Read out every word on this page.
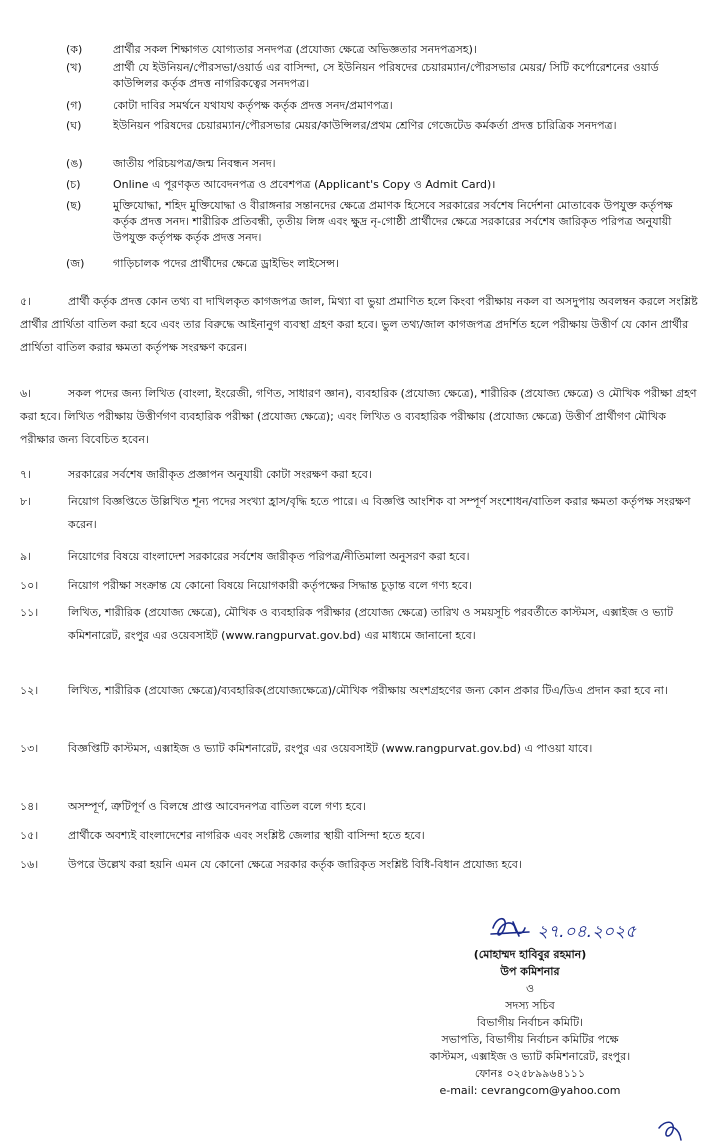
(ক)	প্রার্থীর সকল শিক্ষাগত যোগ্যতার সনদপত্র (প্রযোজ্য ক্ষেত্রে অভিজ্ঞতার সনদপত্রসহ)।
(খ)	প্রার্থী যে ইউনিয়ন/পৌরসভা/ওয়ার্ড এর বাসিন্দা, সে ইউনিয়ন পরিষদের চেয়ারম্যান/পৌরসভার মেয়র/ সিটি কর্পোরেশনের ওয়ার্ড কাউন্সিলর কর্তৃক প্রদত্ত নাগরিকত্বের সনদপত্র।
(গ)	কোটা দাবির সমর্থনে যথাযথ কর্তৃপক্ষ কর্তৃক প্রদত্ত সনদ/প্রমাণপত্র।
(ঘ)	ইউনিয়ন পরিষদের চেয়ারম্যান/পৌরসভার মেয়র/কাউন্সিলর/প্রথম শ্রেণির গেজেটেড কর্মকর্তা প্রদত্ত চারিত্রিক সনদপত্র।
(ঙ)	জাতীয় পরিচয়পত্র/জন্ম নিবন্ধন সনদ।
(চ)	Online এ পূরণকৃত আবেদনপত্র ও প্রবেশপত্র (Applicant's Copy ও Admit Card)।
(ছ)	মুক্তিযোদ্ধা, শহিদ মুক্তিযোদ্ধা ও বীরাঙ্গনার সন্তানদের ক্ষেত্রে প্রমাণক হিসেবে সরকারের সর্বশেষ নির্দেশনা মোতাবেক উপযুক্ত কর্তৃপক্ষ কর্তৃক প্রদত্ত সনদ। শারীরিক প্রতিবন্ধী, তৃতীয় লিঙ্গ এবং ক্ষুদ্র নৃ-গোষ্ঠী প্রার্থীদের ক্ষেত্রে সরকারের সর্বশেষ জারিকৃত পরিপত্র অনুযায়ী উপযুক্ত কর্তৃপক্ষ কর্তৃক প্রদত্ত সনদ।
(জ)	গাড়িচালক পদের প্রার্থীদের ক্ষেত্রে ড্রাইভিং লাইসেন্স।
৫।	প্রার্থী কর্তৃক প্রদত্ত কোন তথ্য বা দাখিলকৃত কাগজপত্র জাল, মিথ্যা বা ভুয়া প্রমাণিত হলে কিংবা পরীক্ষায় নকল বা অসদুপায় অবলম্বন করলে সংশ্লিষ্ট প্রার্থীর প্রার্থিতা বাতিল করা হবে এবং তার বিরুদ্ধে আইনানুগ ব্যবস্থা গ্রহণ করা হবে। ভুল তথ্য/জাল কাগজপত্র প্রদর্শিত হলে পরীক্ষায় উত্তীর্ণ যে কোন প্রার্থীর প্রার্থিতা বাতিল করার ক্ষমতা কর্তৃপক্ষ সংরক্ষণ করেন।
৬।	সকল পদের জন্য লিখিত (বাংলা, ইংরেজী, গণিত, সাধারণ জ্ঞান), ব্যবহারিক (প্রযোজ্য ক্ষেত্রে), শারীরিক (প্রযোজ্য ক্ষেত্রে) ও মৌখিক পরীক্ষা গ্রহণ করা হবে। লিখিত পরীক্ষায় উত্তীর্ণগণ ব্যবহারিক পরীক্ষা (প্রযোজ্য ক্ষেত্রে); এবং লিখিত ও ব্যবহারিক পরীক্ষায় (প্রযোজ্য ক্ষেত্রে) উত্তীর্ণ প্রার্থীগণ মৌখিক পরীক্ষার জন্য বিবেচিত হবেন।
৭।	সরকারের সর্বশেষ জারীকৃত প্রজ্ঞাপন অনুযায়ী কোটা সংরক্ষণ করা হবে।
৮।	নিয়োগ বিজ্ঞপ্তিতে উল্লিখিত শূন্য পদের সংখ্যা হ্রাস/বৃদ্ধি হতে পারে। এ বিজ্ঞপ্তি আংশিক বা সম্পূর্ণ সংশোধন/বাতিল করার ক্ষমতা কর্তৃপক্ষ সংরক্ষণ করেন।
৯।	নিয়োগের বিষয়ে বাংলাদেশ সরকারের সর্বশেষ জারীকৃত পরিপত্র/নীতিমালা অনুসরণ করা হবে।
১০।	নিয়োগ পরীক্ষা সংক্রান্ত যে কোনো বিষয়ে নিয়োগকারী কর্তৃপক্ষের সিদ্ধান্ত চূড়ান্ত বলে গণ্য হবে।
১১।	লিখিত, শারীরিক (প্রযোজ্য ক্ষেত্রে), মৌখিক ও ব্যবহারিক পরীক্ষার (প্রযোজ্য ক্ষেত্রে) তারিখ ও সময়সূচি পরবর্তীতে কাস্টমস, এক্সাইজ ও ভ্যাট কমিশনারেট, রংপুর এর ওয়েবসাইট (www.rangpurvat.gov.bd) এর মাধ্যমে জানানো হবে।
১২।	লিখিত, শারীরিক (প্রযোজ্য ক্ষেত্রে)/ব্যবহারিক(প্রযোজ্যক্ষেত্রে)/মৌখিক পরীক্ষায় অংশগ্রহণের জন্য কোন প্রকার টিএ/ডিএ প্রদান করা হবে না।
১৩।	বিজ্ঞপ্তিটি কাস্টমস, এক্সাইজ ও ভ্যাট কমিশনারেট, রংপুর এর ওয়েবসাইট (www.rangpurvat.gov.bd) এ পাওয়া যাবে।
১৪।	অসম্পূর্ণ, ত্রুটিপূর্ণ ও বিলম্বে প্রাপ্ত আবেদনপত্র বাতিল বলে গণ্য হবে।
১৫।	প্রার্থীকে অবশ্যই বাংলাদেশের নাগরিক এবং সংশ্লিষ্ট জেলার স্থায়ী বাসিন্দা হতে হবে।
১৬।	উপরে উল্লেখ করা হয়নি এমন যে কোনো ক্ষেত্রে সরকার কর্তৃক জারিকৃত সংশ্লিষ্ট বিধি-বিধান প্রযোজ্য হবে।
২৭.০৪.২০২৫
(মোহাম্মদ হাবিবুর রহমান)
উপ কমিশনার
ও
সদস্য সচিব
বিভাগীয় নির্বাচন কমিটি।
সভাপতি, বিভাগীয় নির্বাচন কমিটির পক্ষে
কাস্টমস, এক্সাইজ ও ভ্যাট কমিশনারেট, রংপুর।
ফোনঃ ০২৫৮৯৯৬৪১১১
e-mail: cevrangcom@yahoo.com
